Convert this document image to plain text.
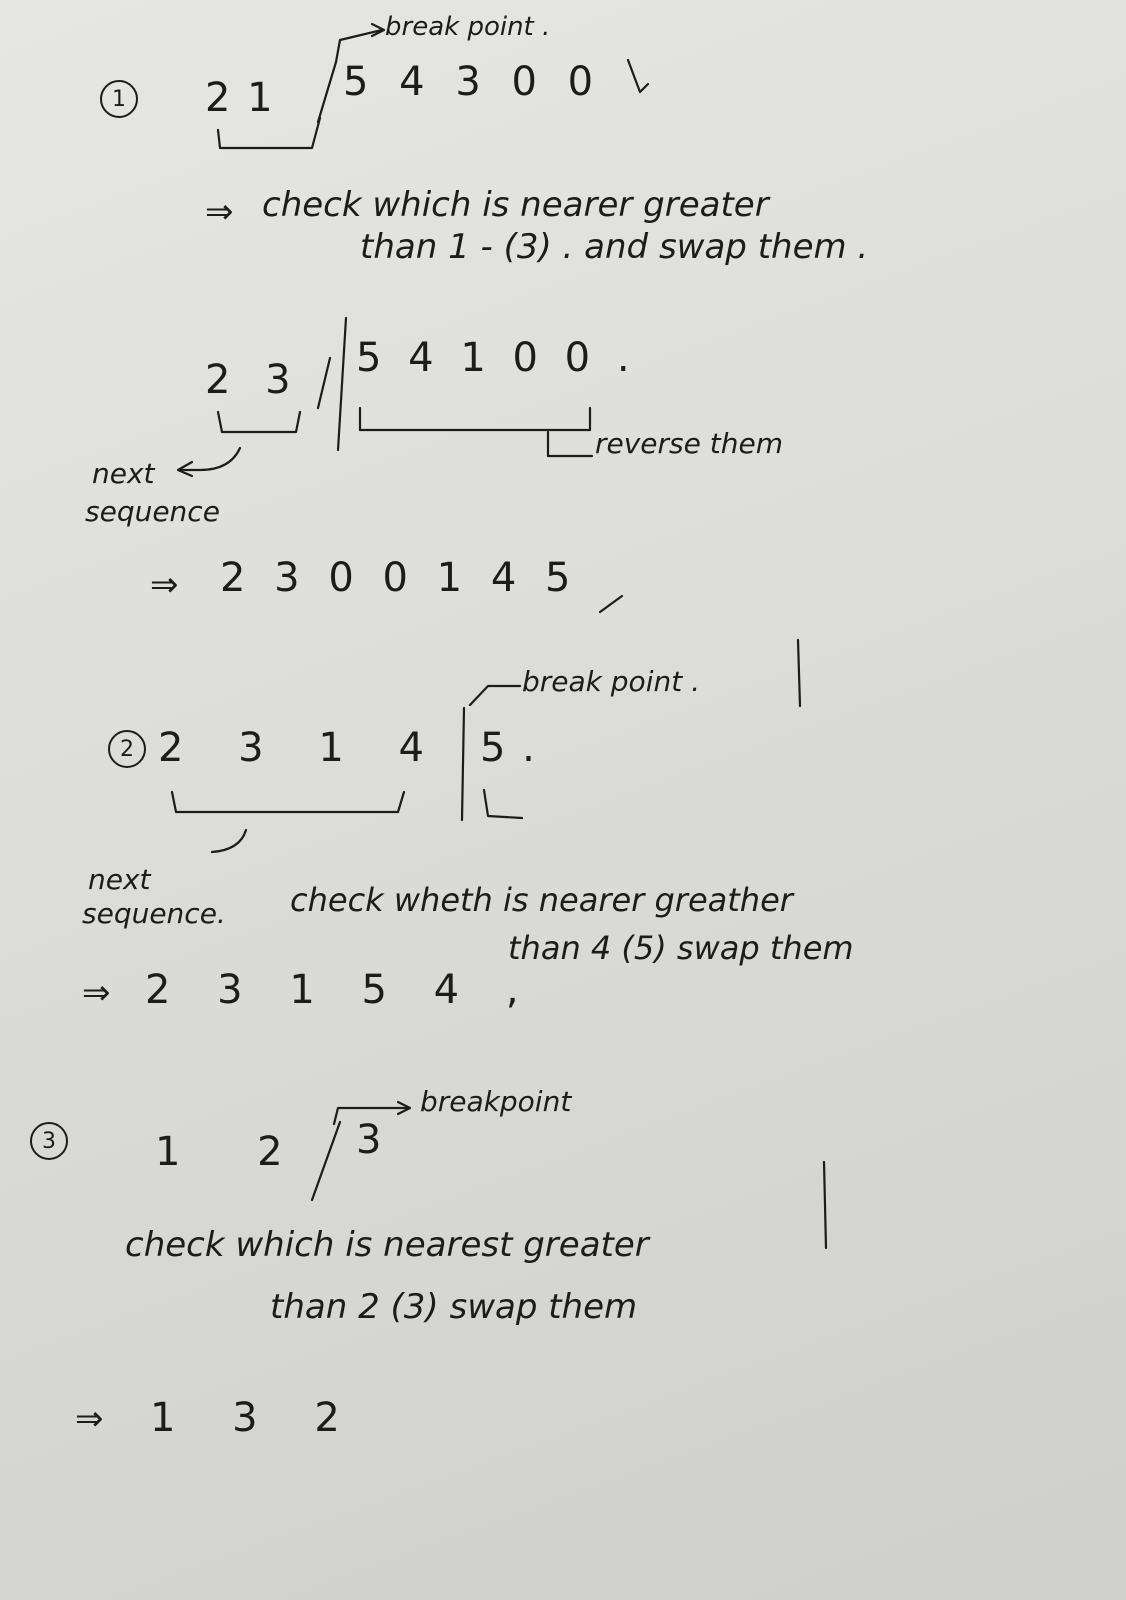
1
break point .
2 1 5 4 3 0 0
⇒ check which is nearer greater
than 1 - (3) . and swap them .
2 3 5 4 1 0 0 .
reverse them
next
sequence
⇒ 2 3 0 0 1 4 5
2
break point .
2 3 1 4 5 .
next
sequence. check wheth is nearer greather
than 4 (5) swap them
⇒ 2 3 1 5 4 ,
3
breakpoint
1 2 3
check which is nearest greater
than 2 (3) swap them
⇒ 1 3 2
